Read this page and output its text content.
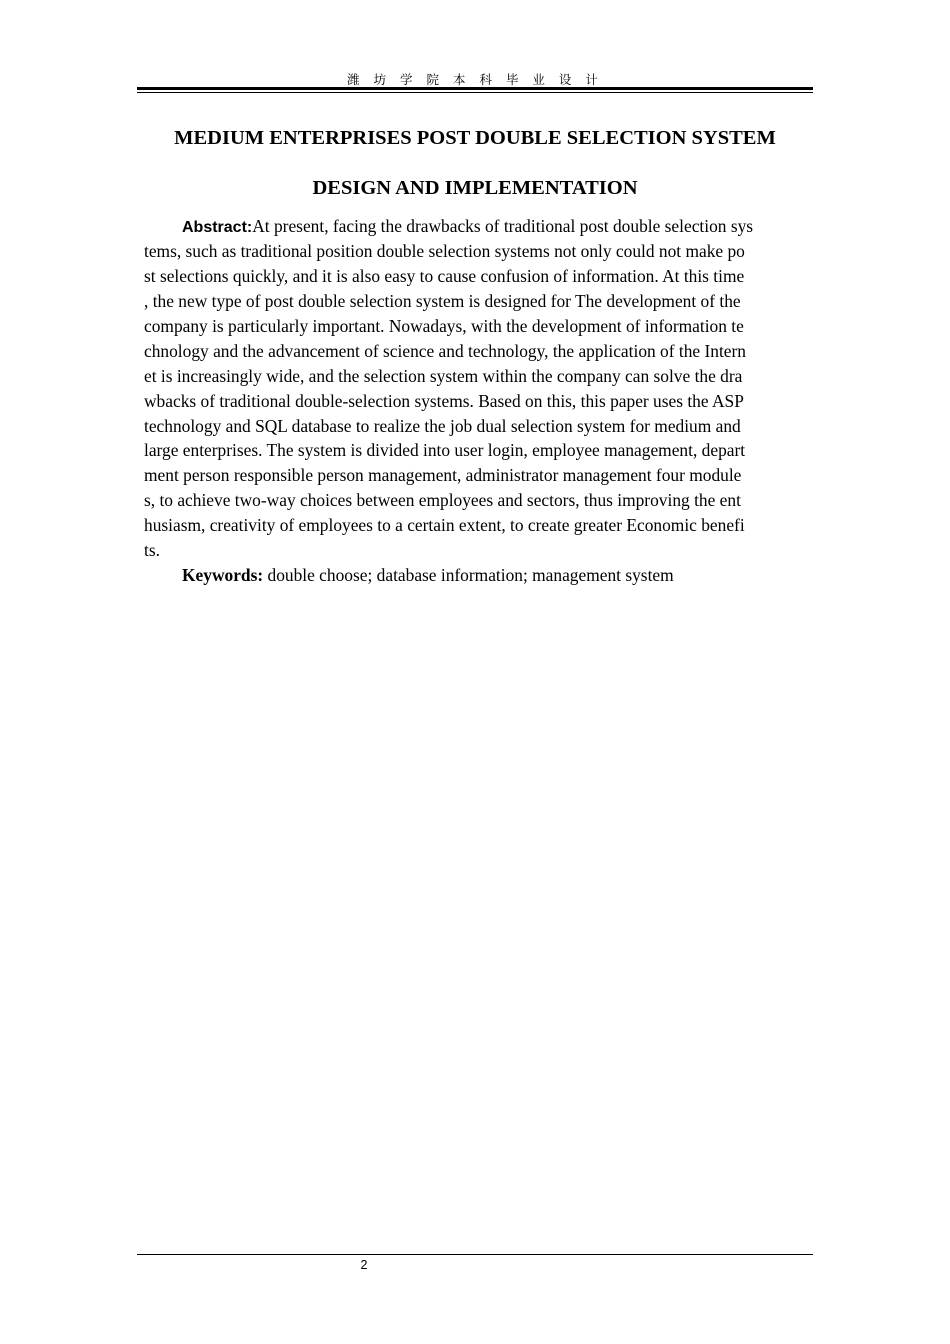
潍 坊 学 院 本 科 毕 业 设 计
MEDIUM ENTERPRISES POST DOUBLE SELECTION SYSTEM
DESIGN AND IMPLEMENTATION
Abstract:At present, facing the drawbacks of traditional post double selection sys
tems, such as traditional position double selection systems not only could not make po
st selections quickly, and it is also easy to cause confusion of information. At this time
, the new type of post double selection system is designed for The development of the
company is particularly important. Nowadays, with the development of information te
chnology and the advancement of science and technology, the application of the Intern
et is increasingly wide, and the selection system within the company can solve the dra
wbacks of traditional double-selection systems. Based on this, this paper uses the ASP
technology and SQL database to realize the job dual selection system for medium and
large enterprises. The system is divided into user login, employee management, depart
ment person responsible person management, administrator management four module
s, to achieve two-way choices between employees and sectors, thus improving the ent
husiasm, creativity of employees to a certain extent, to create greater Economic benefi
ts.
Keywords: double choose; database information; management system
2
